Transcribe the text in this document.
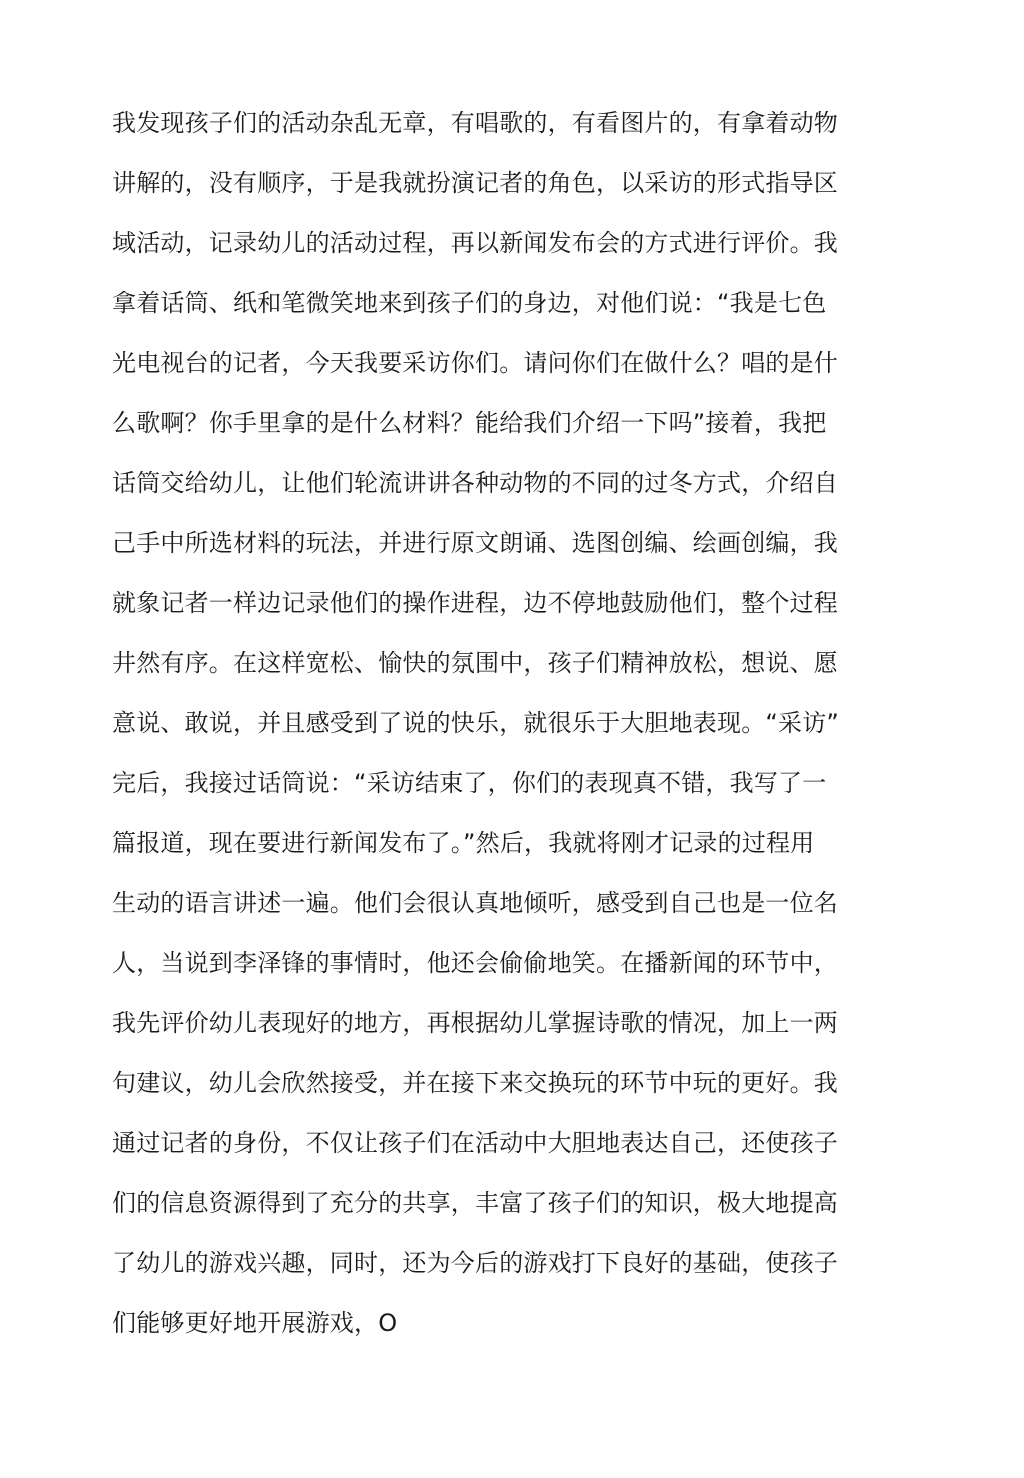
我发现孩子们的活动杂乱无章，有唱歌的，有看图片的，有拿着动物
讲解的，没有顺序，于是我就扮演记者的角色，以采访的形式指导区
域活动，记录幼儿的活动过程，再以新闻发布会的方式进行评价。我
拿着话筒、纸和笔微笑地来到孩子们的身边，对他们说：“我是七色
光电视台的记者，今天我要采访你们。请问你们在做什么？唱的是什
么歌啊？你手里拿的是什么材料？能给我们介绍一下吗”接着，我把
话筒交给幼儿，让他们轮流讲讲各种动物的不同的过冬方式，介绍自
己手中所选材料的玩法，并进行原文朗诵、选图创编、绘画创编，我
就象记者一样边记录他们的操作进程，边不停地鼓励他们，整个过程
井然有序。在这样宽松、愉快的氛围中，孩子们精神放松，想说、愿
意说、敢说，并且感受到了说的快乐，就很乐于大胆地表现。“采访”
完后，我接过话筒说：“采访结束了，你们的表现真不错，我写了一
篇报道，现在要进行新闻发布了。”然后，我就将刚才记录的过程用
生动的语言讲述一遍。他们会很认真地倾听，感受到自己也是一位名
人，当说到李泽锋的事情时，他还会偷偷地笑。在播新闻的环节中，
我先评价幼儿表现好的地方，再根据幼儿掌握诗歌的情况，加上一两
句建议，幼儿会欣然接受，并在接下来交换玩的环节中玩的更好。我
通过记者的身份，不仅让孩子们在活动中大胆地表达自己，还使孩子
们的信息资源得到了充分的共享，丰富了孩子们的知识，极大地提高
了幼儿的游戏兴趣，同时，还为今后的游戏打下良好的基础，使孩子
们能够更好地开展游戏，O
